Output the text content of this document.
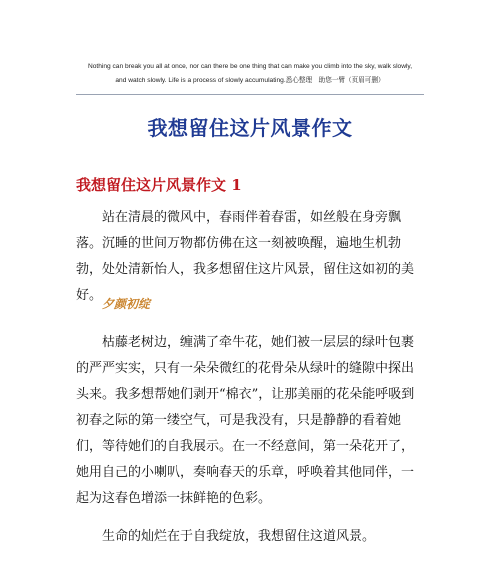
Nothing can break you all at once, nor can there be one thing that can make you climb into the sky, walk slowly,
and watch slowly. Life is a process of slowly accumulating.悉心整理　助您一臂（页眉可删）
我想留住这片风景作文
我想留住这片风景作文 1

站在清晨的微风中，春雨伴着春雷，如丝般在身旁飘落。沉睡的世间万物都仿佛在这一刻被唤醒，遍地生机勃勃，处处清新怡人，我多想留住这片风景，留住这如初的美好。

夕颜初绽

枯藤老树边，缠满了牵牛花，她们被一层层的绿叶包裹的严严实实，只有一朵朵微红的花骨朵从绿叶的缝隙中探出头来。我多想帮她们剥开“棉衣”，让那美丽的花朵能呼吸到初春之际的第一缕空气，可是我没有，只是静静的看着她们，等待她们的自我展示。在一不经意间，第一朵花开了，她用自己的小喇叭，奏响春天的乐章，呼唤着其他同伴，一起为这春色增添一抹鲜艳的色彩。

生命的灿烂在于自我绽放，我想留住这道风景。
